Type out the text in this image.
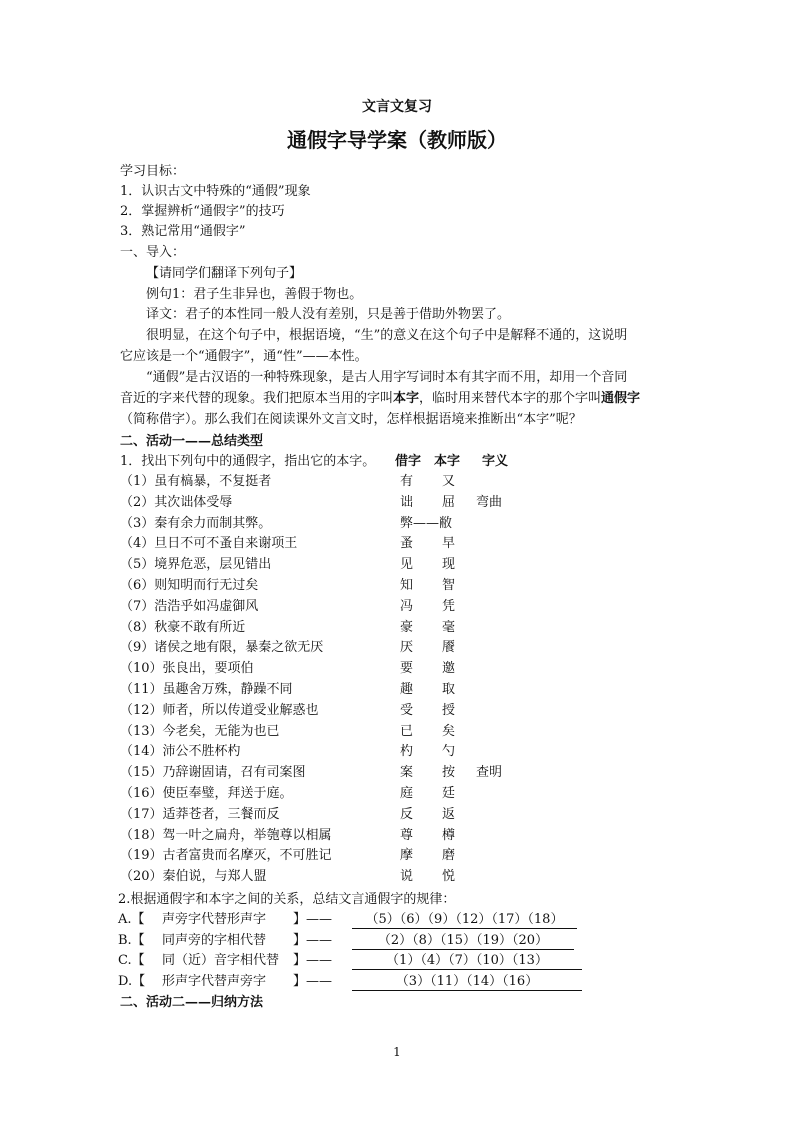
文言文复习
通假字导学案（教师版）
学习目标：
1．认识古文中特殊的“通假”现象
2．掌握辨析“通假字”的技巧
3．熟记常用“通假字”
一、导入：
【请同学们翻译下列句子】
例句1：君子生非异也，善假于物也。
译文：君子的本性同一般人没有差别，只是善于借助外物罢了。
很明显，在这个句子中，根据语境，“生”的意义在这个句子中是解释不通的，这说明
它应该是一个“通假字”，通“性”——本性。
“通假”是古汉语的一种特殊现象，是古人用字写词时本有其字而不用，却用一个音同
音近的字来代替的现象。我们把原本当用的字叫本字，临时用来替代本字的那个字叫通假字
（简称借字）。那么我们在阅读课外文言文时，怎样根据语境来推断出“本字”呢？
二、活动一——总结类型
1．找出下列句中的通假字，指出它的本字。 借字 本字 字义
（1）虽有槁暴，不复挺者	有 又
（2）其次诎体受辱	诎 屈 弯曲
（3）秦有余力而制其弊。	弊——敝
（4）旦日不可不蚤自来谢项王	蚤 早
（5）境界危恶，层见错出	见 现
（6）则知明而行无过矣	知 智
（7）浩浩乎如冯虚御风	冯 凭
（8）秋豪不敢有所近	豪 毫
（9）诸侯之地有限，暴秦之欲无厌	厌 餍
（10）张良出，要项伯	要 邀
（11）虽趣舍万殊，静躁不同	趣 取
（12）师者，所以传道受业解惑也	受 授
（13）今老矣，无能为也已	已 矣
（14）沛公不胜杯杓	杓 勺
（15）乃辞谢固请，召有司案图	案 按 查明
（16）使臣奉璧，拜送于庭。	庭 廷
（17）适莽苍者，三餐而反	反 返
（18）驾一叶之扁舟，举匏尊以相属	尊 樽
（19）古者富贵而名摩灭，不可胜记	摩 磨
（20）秦伯说，与郑人盟	说 悦
2.根据通假字和本字之间的关系，总结文言通假字的规律：
A.【 声旁字代替形声字 】——	（5）（6）（9）（12）（17）（18）
B.【 同声旁的字相代替 】——	（2）（8）（15）（19）（20）
C.【 同（近）音字相代替 】——	（1）（4）（7）（10）（13）
D.【 形声字代替声旁字 】——	（3）（11）（14）（16）
二、活动二——归纳方法
1
